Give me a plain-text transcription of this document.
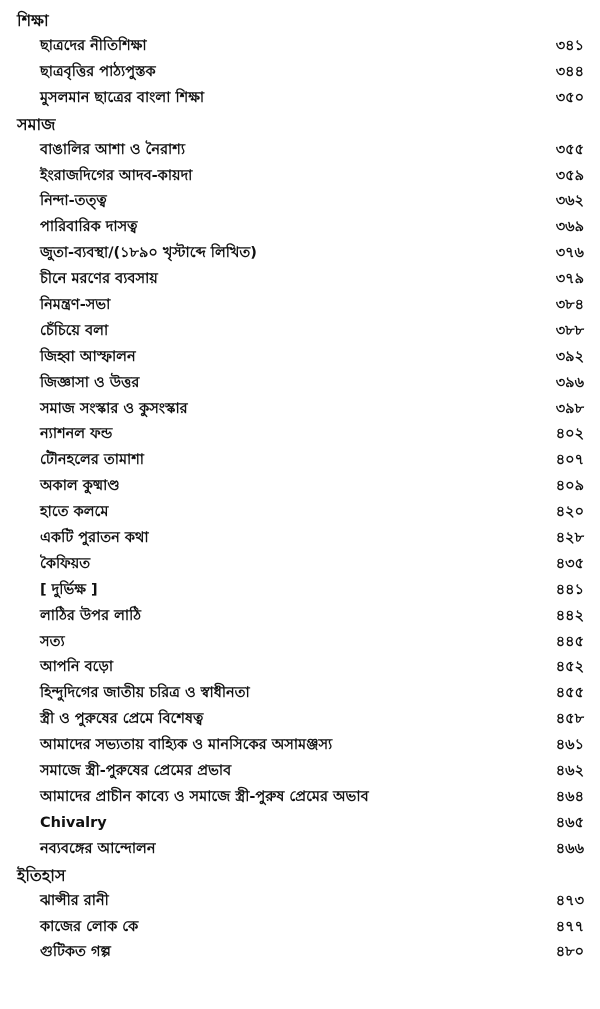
শিক্ষা
ছাত্রদের নীতিশিক্ষা	৩৪১
ছাত্রবৃত্তির পাঠ্যপুস্তক	৩৪৪
মুসলমান ছাত্রের বাংলা শিক্ষা	৩৫০
সমাজ
বাঙালির আশা ও নৈরাশ্য	৩৫৫
ইংরাজদিগের আদব-কায়দা	৩৫৯
নিন্দা-তত্ত্ব	৩৬২
পারিবারিক দাসত্ব	৩৬৯
জুতা-ব্যবস্থা/(১৮৯০ খৃস্টাব্দে লিখিত)	৩৭৬
চীনে মরণের ব্যবসায়	৩৭৯
নিমন্ত্রণ-সভা	৩৮৪
চেঁচিয়ে বলা	৩৮৮
জিহ্বা আস্ফালন	৩৯২
জিজ্ঞাসা ও উত্তর	৩৯৬
সমাজ সংস্কার ও কুসংস্কার	৩৯৮
ন্যাশনল ফন্ড	৪০২
টৌনহলের তামাশা	৪০৭
অকাল কুষ্মাণ্ড	৪০৯
হাতে কলমে	৪২০
একটি পুরাতন কথা	৪২৮
কৈফিয়ত	৪৩৫
[ দুর্ভিক্ষ ]	৪৪১
লাঠির উপর লাঠি	৪৪২
সত্য	৪৪৫
আপনি বড়ো	৪৫২
হিন্দুদিগের জাতীয় চরিত্র ও স্বাধীনতা	৪৫৫
স্ত্রী ও পুরুষের প্রেমে বিশেষত্ব	৪৫৮
আমাদের সভ্যতায় বাহ্যিক ও মানসিকের অসামঞ্জস্য	৪৬১
সমাজে স্ত্রী-পুরুষের প্রেমের প্রভাব	৪৬২
আমাদের প্রাচীন কাব্যে ও সমাজে স্ত্রী-পুরুষ প্রেমের অভাব	৪৬৪
Chivalry	৪৬৫
নব্যবঙ্গের আন্দোলন	৪৬৬
ইতিহাস
ঝান্সীর রানী	৪৭৩
কাজের লোক কে	৪৭৭
গুটিকত গল্প	৪৮০
